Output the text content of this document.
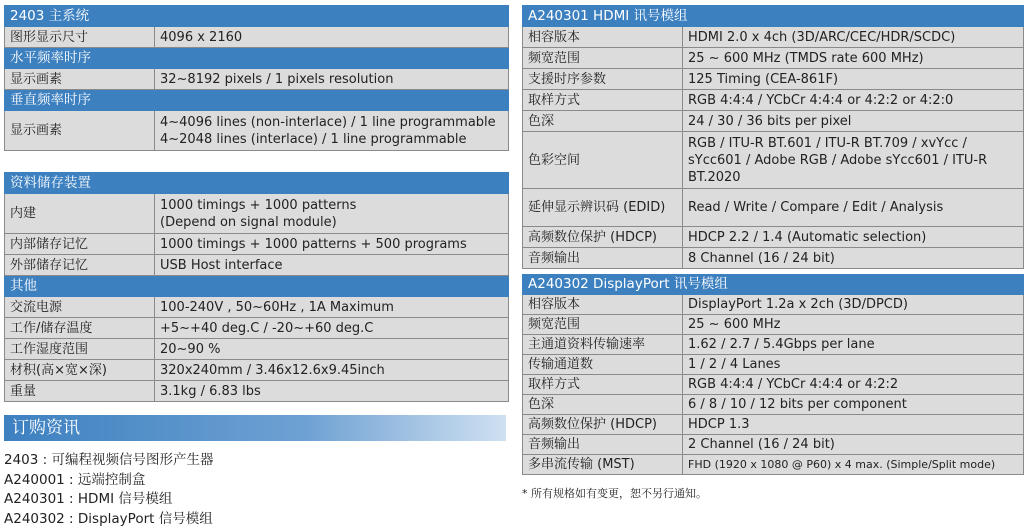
2403 主系统	
图形显示尺寸	4096 x 2160
水平频率时序	
显示画素	32~8192 pixels / 1 pixels resolution
垂直频率时序	
显示画素	4~4096 lines (non-interlace) / 1 line programmable
4~2048 lines (interlace) / 1 line programmable
资料储存装置	
内建	1000 timings + 1000 patterns
(Depend on signal module)

内部储存记忆	1000 timings + 1000 patterns + 500 programs
外部储存记忆	USB Host interface
其他	
交流电源	100-240V , 50~60Hz , 1A Maximum
工作/储存温度	+5~+40 deg.C / -20~+60 deg.C
工作湿度范围	20~90 %
材积(高×宽×深)	320x240mm / 3.46x12.6x9.45inch
重量	3.1kg / 6.83 lbs
订购资讯
2403 : 可编程视频信号图形产生器
A240001 : 远端控制盒
A240301 : HDMI 信号模组
A240302 : DisplayPort 信号模组
A240301 HDMI 讯号模组	
相容版本	HDMI 2.0 x 4ch (3D/ARC/CEC/HDR/SCDC)
频宽范围	25 ~ 600 MHz (TMDS rate 600 MHz)
支援时序参数	125 Timing (CEA-861F)
取样方式	RGB 4:4:4 / YCbCr 4:4:4 or 4:2:2 or 4:2:0
色深	24 / 30 / 36 bits per pixel
色彩空间	RGB / ITU-R BT.601 / ITU-R BT.709 / xvYcc / sYcc601 / Adobe RGB / Adobe sYcc601 / ITU-R BT.2020
延伸显示辨识码 (EDID)	Read / Write / Compare / Edit / Analysis
高频数位保护 (HDCP)	HDCP 2.2 / 1.4 (Automatic selection)
音频输出	8 Channel (16 / 24 bit)
A240302 DisplayPort 讯号模组	
相容版本	DisplayPort 1.2a x 2ch (3D/DPCD)
频宽范围	25 ~ 600 MHz
主通道资料传输速率	1.62 / 2.7 / 5.4Gbps per lane
传输通道数	1 / 2 / 4 Lanes
取样方式	RGB 4:4:4 / YCbCr 4:4:4 or 4:2:2
色深	6 / 8 / 10 / 12 bits per component
高频数位保护 (HDCP)	HDCP 1.3
音频输出	2 Channel (16 / 24 bit)
多串流传输 (MST)	FHD (1920 x 1080 @ P60) x 4 max. (Simple/Split mode)
* 所有规格如有变更，恕不另行通知。
